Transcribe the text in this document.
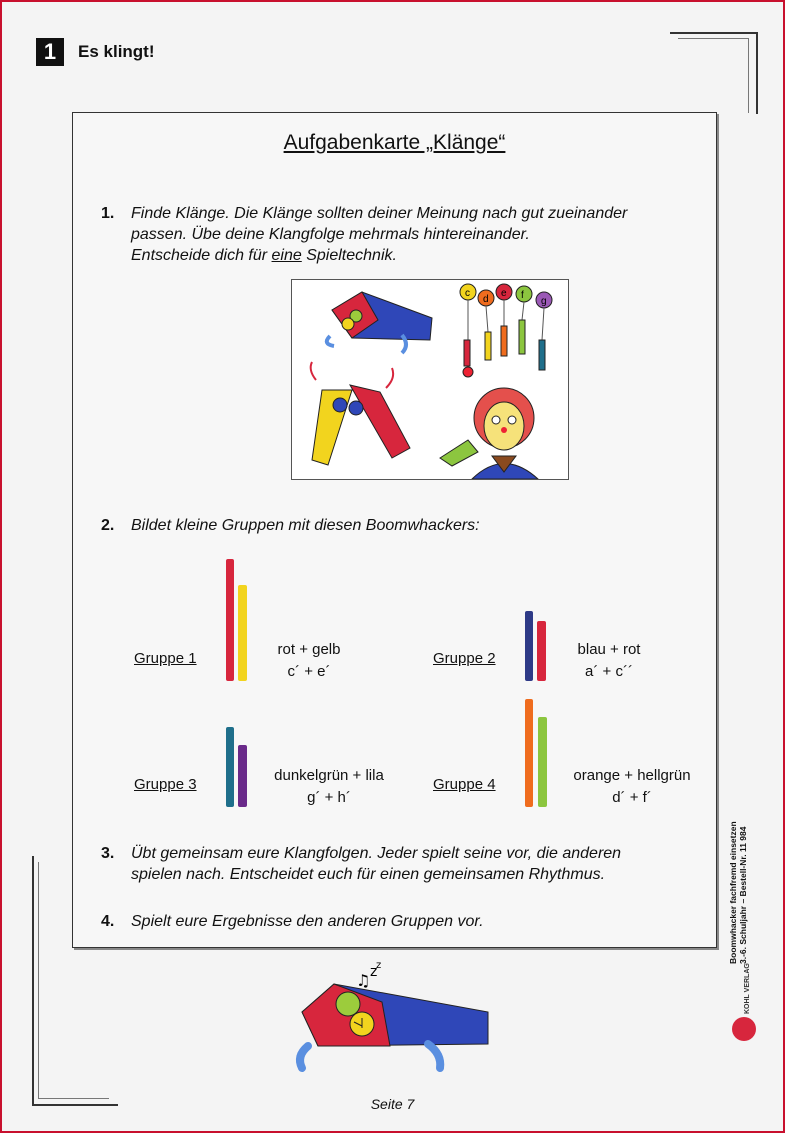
1	Es klingt!
Aufgabenkarte „Klänge“
1. Finde Klänge. Die Klänge sollten deiner Meinung nach gut zueinander
passen. Übe deine Klangfolge mehrmals hintereinander.
Entscheide dich für eine Spieltechnik.
c
d
e f
g
2. Bildet kleine Gruppen mit diesen Boomwhackers:
Gruppe 1
rot + gelb
c´ + e´
Gruppe 2
blau + rot
a´ + c´´
Gruppe 3
dunkelgrün + lila
g´ + h´
Gruppe 4
orange + hellgrün
d´ + f´
3. Übt gemeinsam eure Klangfolgen. Jeder spielt seine vor, die anderen
spielen nach. Entscheidet euch für einen gemeinsamen Rhythmus.
4. Spielt eure Ergebnisse den anderen Gruppen vor.	Boomwhacker fachfremd einsetzen 3.-6. Schuljahr – Bestell-Nr. 11 984
KOHL VERLAG
z
z
♫
Seite 7
